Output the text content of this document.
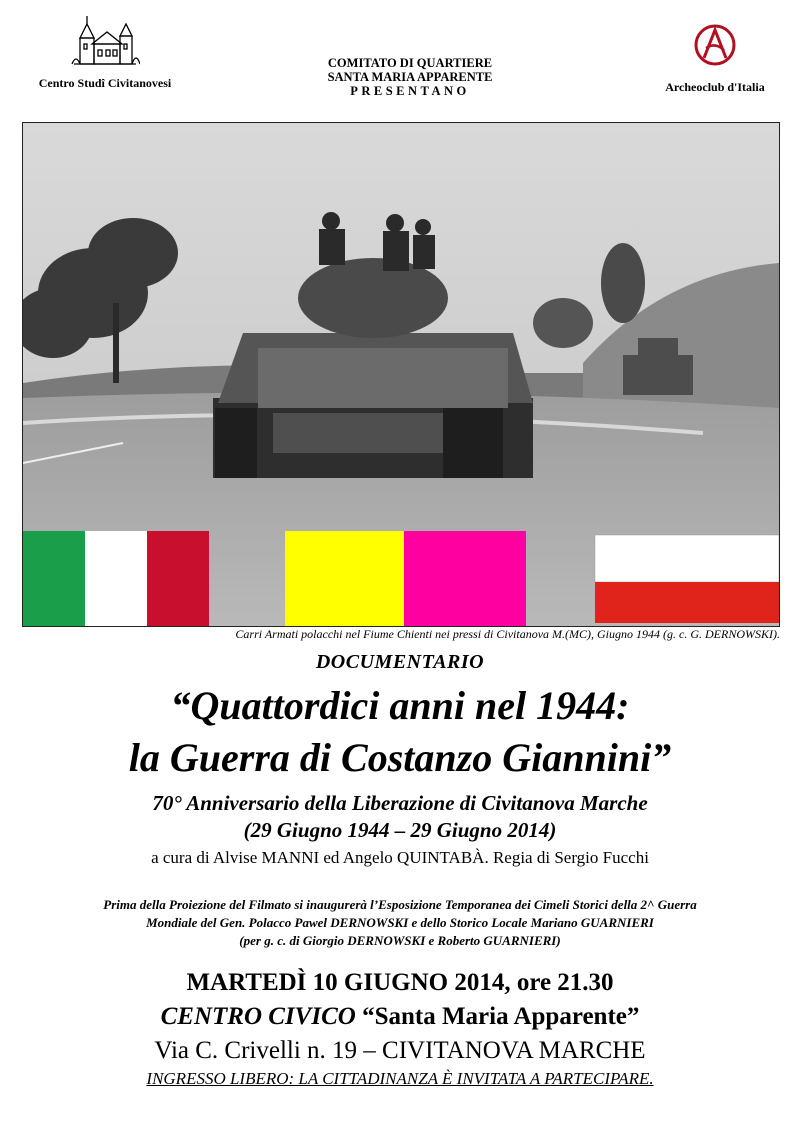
Centro Studî Civitanovesi
COMITATO DI QUARTIERE
SANTA MARIA APPARENTE
PRESENTANO	Archeoclub d'Italia
Carri Armati polacchi nel Fiume Chienti nei pressi di Civitanova M.(MC), Giugno 1944 (g. c. G. DERNOWSKI).
DOCUMENTARIO
“Quattordici anni nel 1944:
la Guerra di Costanzo Giannini”
70° Anniversario della Liberazione di Civitanova Marche
(29 Giugno 1944 – 29 Giugno 2014)
a cura di Alvise MANNI ed Angelo QUINTABÀ. Regia di Sergio Fucchi
Prima della Proiezione del Filmato si inaugurerà l’Esposizione Temporanea dei Cimeli Storici della 2^ Guerra
Mondiale del Gen. Polacco Pawel DERNOWSKI e dello Storico Locale Mariano GUARNIERI
(per g. c. di Giorgio DERNOWSKI e Roberto GUARNIERI)
MARTEDÌ 10 GIUGNO 2014, ore 21.30
CENTRO CIVICO “Santa Maria Apparente”
Via C. Crivelli n. 19 – CIVITANOVA MARCHE
INGRESSO LIBERO: LA CITTADINANZA È INVITATA A PARTECIPARE.
